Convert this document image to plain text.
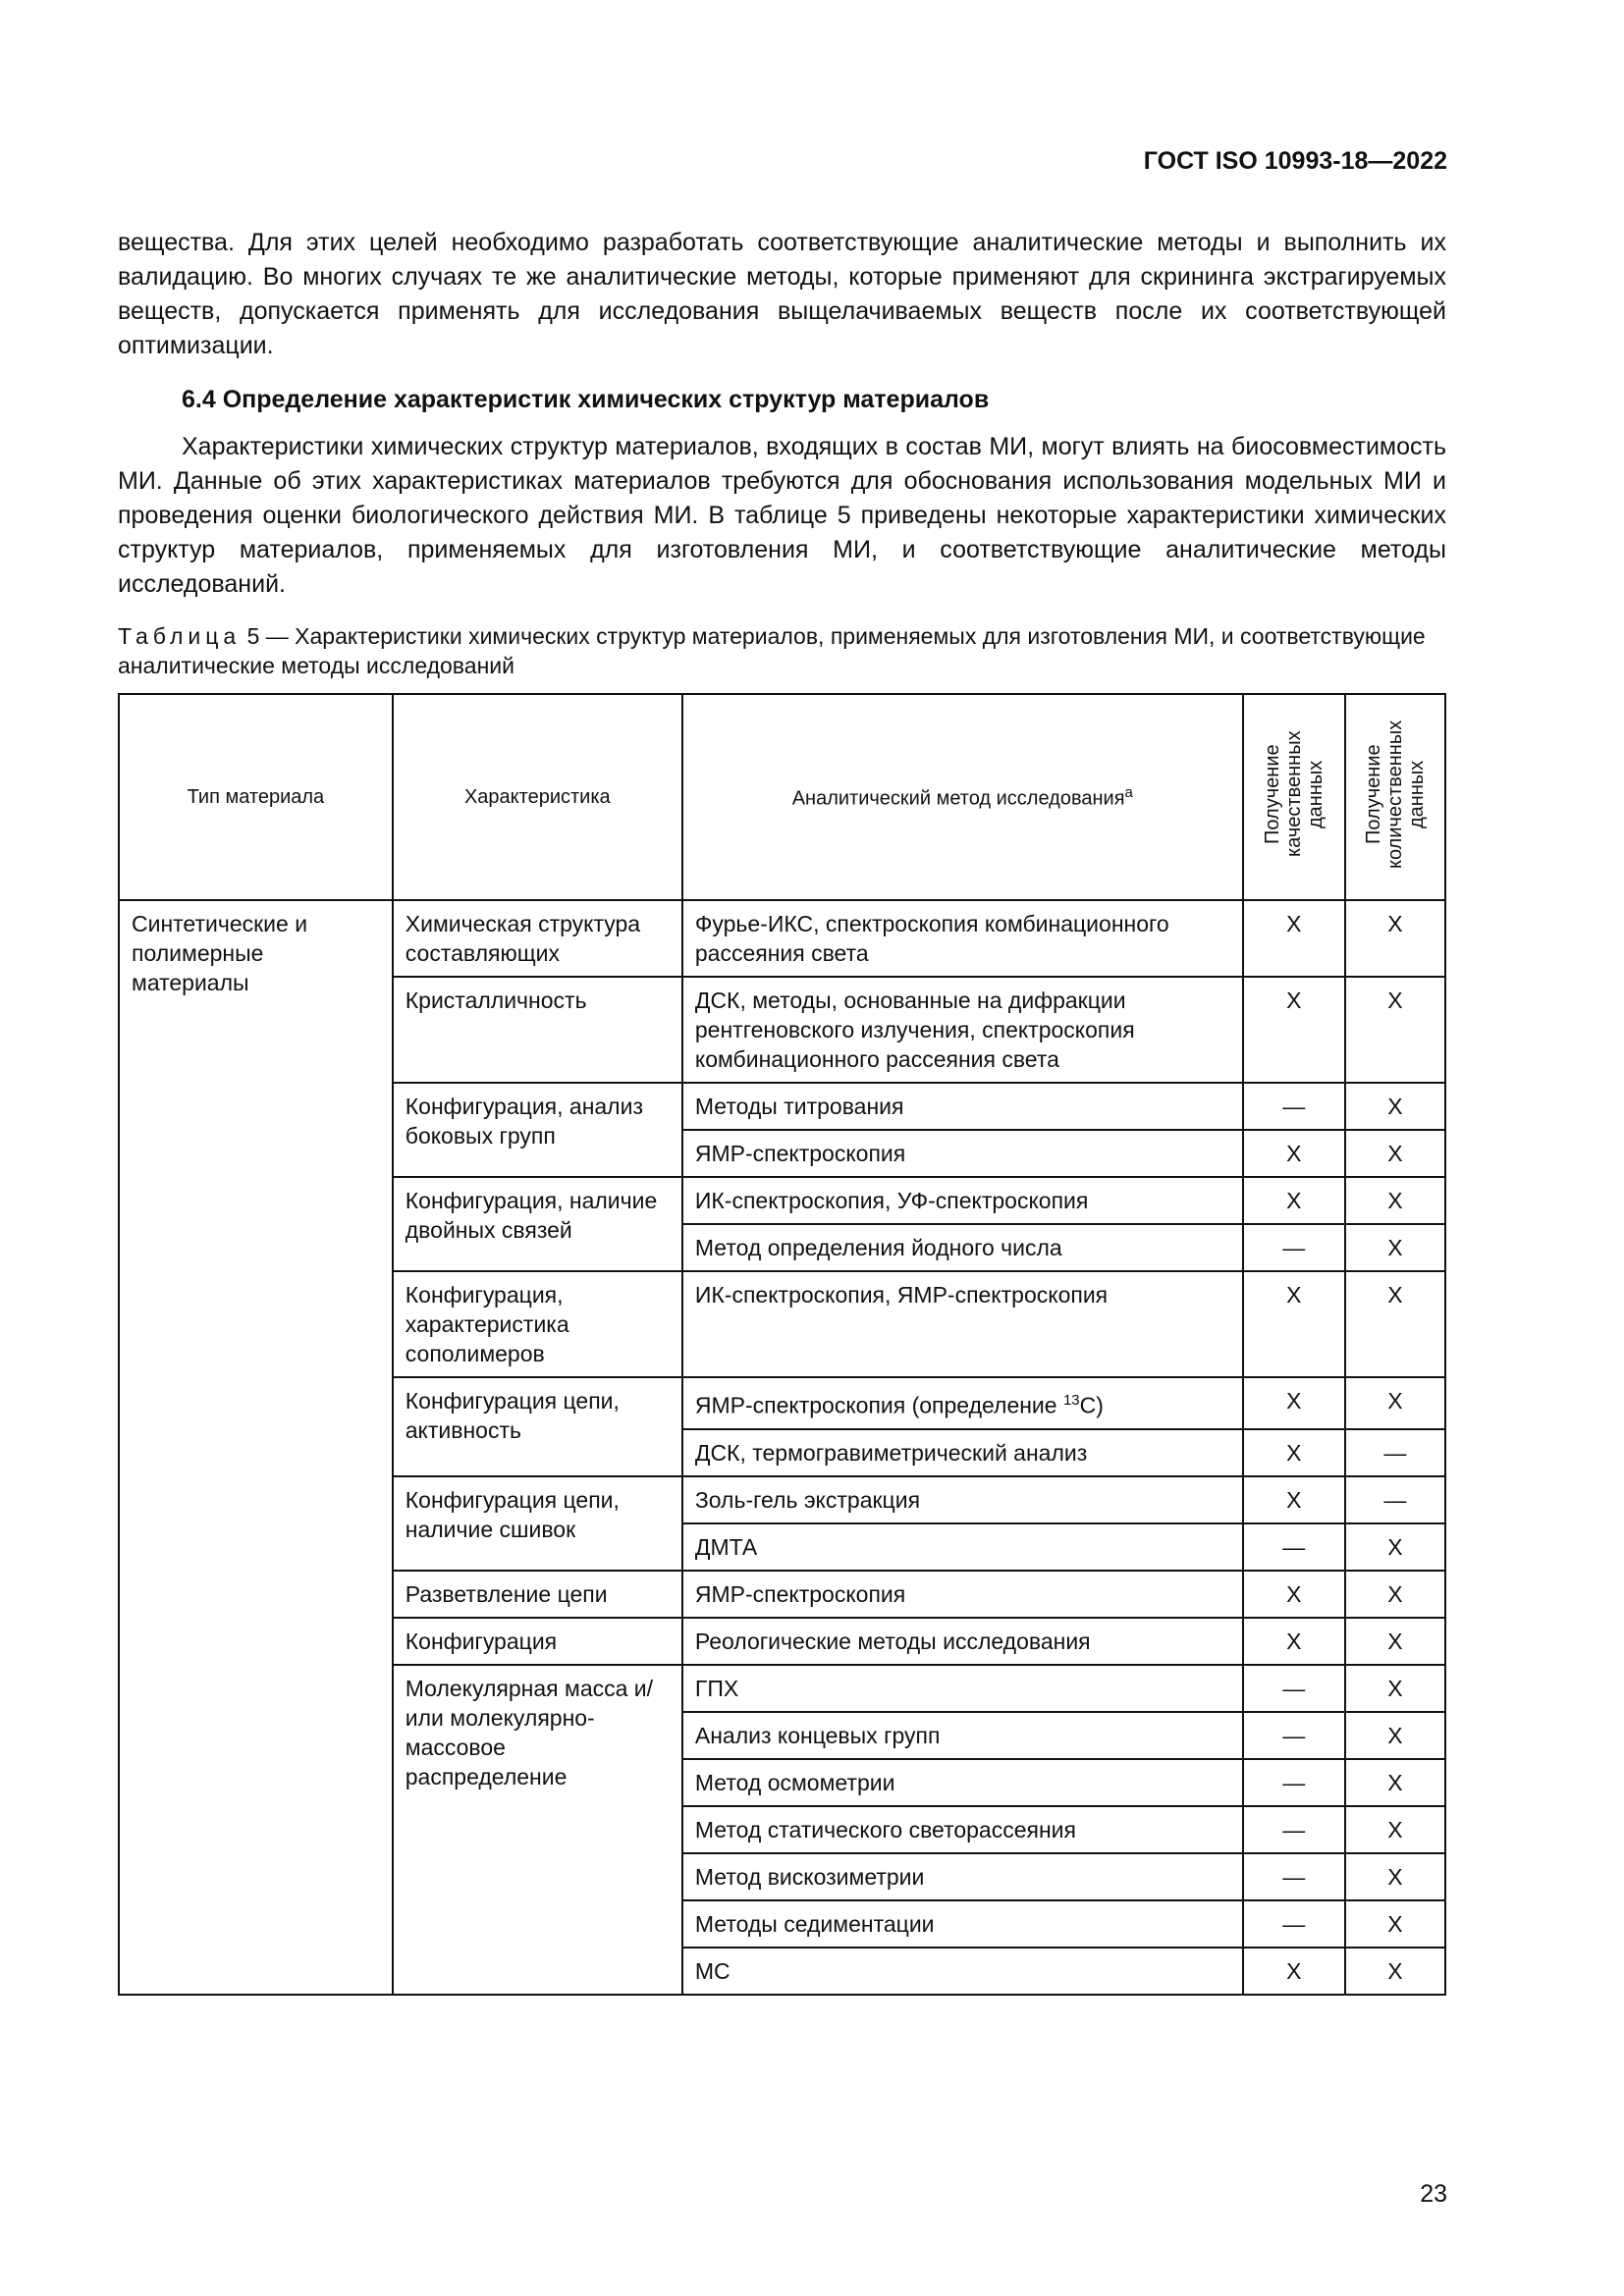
ГОСТ ISO 10993-18—2022
вещества. Для этих целей необходимо разработать соответствующие аналитические методы и выполнить их валидацию. Во многих случаях те же аналитические методы, которые применяют для скрининга экстрагируемых веществ, допускается применять для исследования выщелачиваемых веществ после их соответствующей оптимизации.
6.4 Определение характеристик химических структур материалов
Характеристики химических структур материалов, входящих в состав МИ, могут влиять на биосовместимость МИ. Данные об этих характеристиках материалов требуются для обоснования использования модельных МИ и проведения оценки биологического действия МИ. В таблице 5 приведены некоторые характеристики химических структур материалов, применяемых для изготовления МИ, и соответствующие аналитические методы исследований.
Таблица 5 — Характеристики химических структур материалов, применяемых для изготовления МИ, и соответствующие аналитические методы исследований
Тип материала	Характеристика	Аналитический метод исследования$^a$	Получение качественных данных	Получение количественных данных
Синтетические и полимерные материалы	Химическая структура составляющих	Фурье-ИКС, спектроскопия комбинационного рассеяния света	X	X
	Кристалличность	ДСК, методы, основанные на дифракции рентгеновского излучения, спектроскопия комбинационного рассеяния света	X	X
	Конфигурация, анализ боковых групп	Методы титрования	—	X
		ЯМР-спектроскопия	X	X
	Конфигурация, наличие двойных связей	ИК-спектроскопия, УФ-спектроскопия	X	X
		Метод определения йодного числа	—	X
	Конфигурация, характеристика сополимеров	ИК-спектроскопия, ЯМР-спектроскопия	X	X
	Конфигурация цепи, активность	ЯМР-спектроскопия (определение $^{13}$C)	X	X
		ДСК, термогравиметрический анализ	X	—
	Конфигурация цепи, наличие сшивок	Золь-гель экстракция	X	—
		ДМТА	—	X
	Разветвление цепи	ЯМР-спектроскопия	X	X
	Конфигурация	Реологические методы исследования	X	X
	Молекулярная масса и/или молекулярно-массовое распределение	ГПХ	—	X
		Анализ концевых групп	—	X
		Метод осмометрии	—	X
		Метод статического светорассеяния	—	X
		Метод вискозиметрии	—	X
		Методы седиментации	—	X
		МС	X	X
23
